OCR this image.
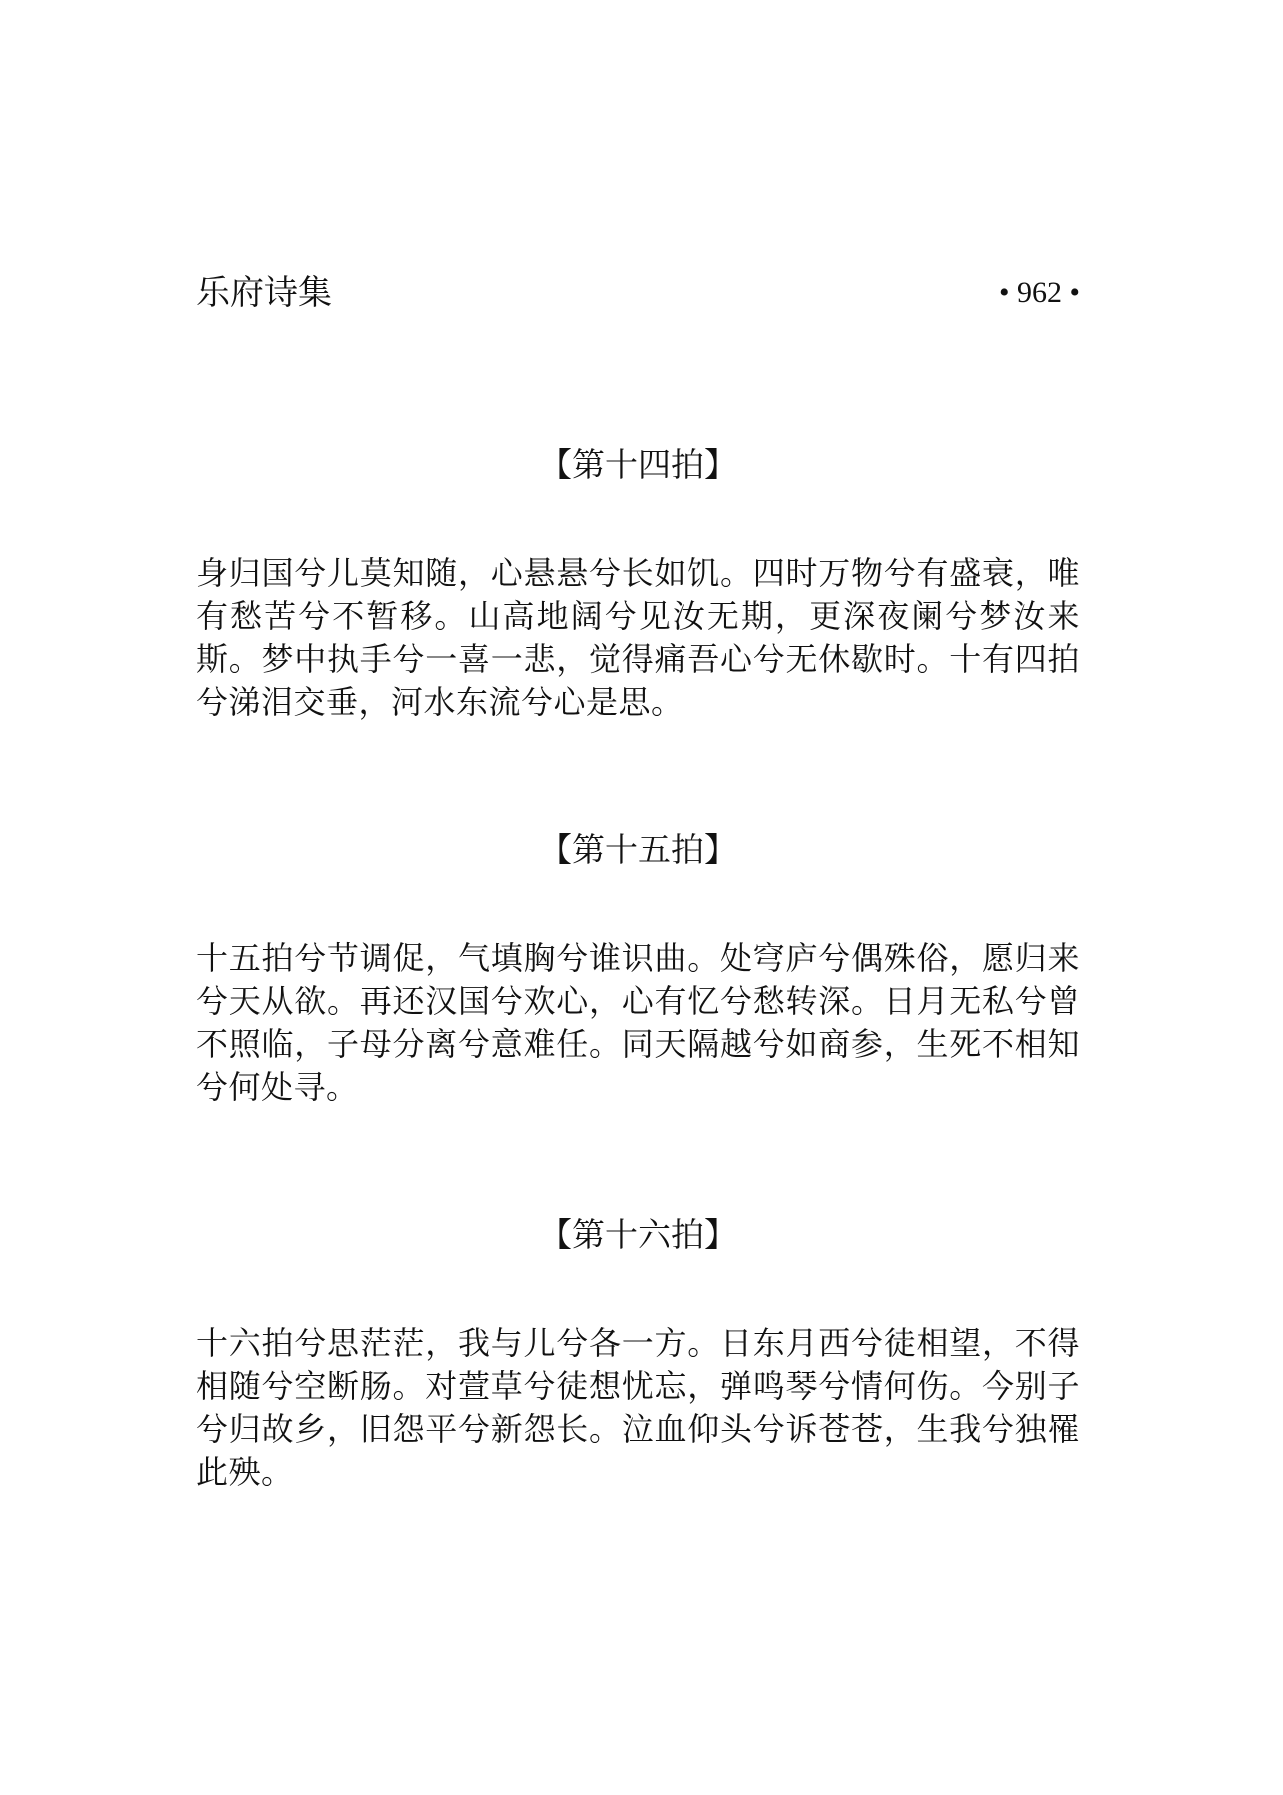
乐府诗集	• 962 •
【第十四拍】

身归国兮儿莫知随，心悬悬兮长如饥。四时万物兮有盛衰，唯有愁苦兮不暂移。山高地阔兮见汝无期，更深夜阑兮梦汝来斯。梦中执手兮一喜一悲，觉得痛吾心兮无休歇时。十有四拍兮涕泪交垂，河水东流兮心是思。

【第十五拍】

十五拍兮节调促，气填胸兮谁识曲。处穹庐兮偶殊俗，愿归来兮天从欲。再还汉国兮欢心，心有忆兮愁转深。日月无私兮曾不照临，子母分离兮意难任。同天隔越兮如商参，生死不相知兮何处寻。

【第十六拍】

十六拍兮思茫茫，我与儿兮各一方。日东月西兮徒相望，不得相随兮空断肠。对萱草兮徒想忧忘，弹鸣琴兮情何伤。今别子兮归故乡，旧怨平兮新怨长。泣血仰头兮诉苍苍，生我兮独罹此殃。
